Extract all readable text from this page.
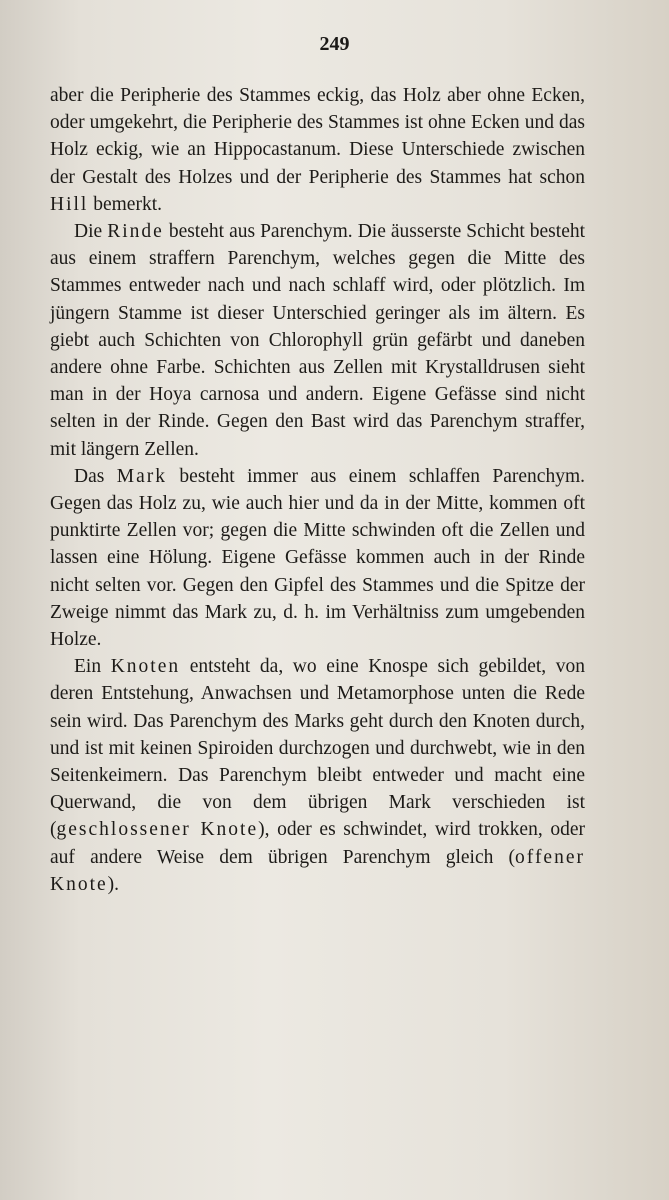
249

aber die Peripherie des Stammes eckig, das Holz aber ohne Ecken, oder umgekehrt, die Peripherie des Stammes ist ohne Ecken und das Holz eckig, wie an Hippocastanum. Diese Unterschiede zwischen der Gestalt des Holzes und der Peripherie des Stammes hat schon Hill bemerkt.

Die Rinde besteht aus Parenchym. Die äusserste Schicht besteht aus einem straffern Parenchym, welches gegen die Mitte des Stammes entweder nach und nach schlaff wird, oder plötzlich. Im jüngern Stamme ist dieser Unterschied geringer als im ältern. Es giebt auch Schichten von Chlorophyll grün gefärbt und daneben andere ohne Farbe. Schichten aus Zellen mit Krystalldrusen sieht man in der Hoya carnosa und andern. Eigene Gefässe sind nicht selten in der Rinde. Gegen den Bast wird das Parenchym straffer, mit längern Zellen.

Das Mark besteht immer aus einem schlaffen Parenchym. Gegen das Holz zu, wie auch hier und da in der Mitte, kommen oft punktirte Zellen vor; gegen die Mitte schwinden oft die Zellen und lassen eine Hölung. Eigene Gefässe kommen auch in der Rinde nicht selten vor. Gegen den Gipfel des Stammes und die Spitze der Zweige nimmt das Mark zu, d. h. im Verhältniss zum umgebenden Holze.

Ein Knoten entsteht da, wo eine Knospe sich gebildet, von deren Entstehung, Anwachsen und Metamorphose unten die Rede sein wird. Das Parenchym des Marks geht durch den Knoten durch, und ist mit keinen Spiroiden durchzogen und durchwebt, wie in den Seitenkeimern. Das Parenchym bleibt entweder und macht eine Querwand, die von dem übrigen Mark verschieden ist (geschlossener Knote), oder es schwindet, wird trokken, oder auf andere Weise dem übrigen Parenchym gleich (offener Knote).
